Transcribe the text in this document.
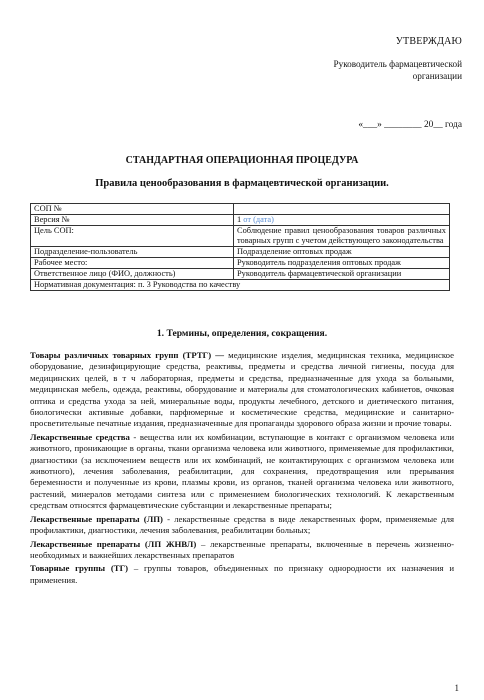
УТВЕРЖДАЮ
Руководитель фармацевтической организации
«___» ________ 20__ года
СТАНДАРТНАЯ ОПЕРАЦИОННАЯ ПРОЦЕДУРА
Правила ценообразования в фармацевтической организации.
СОП №	
Версия №	1 от (дата)
Цель СОП:	Соблюдение правил ценообразования товаров различных товарных групп с учетом действующего законодательства
Подразделение-пользователь	Подразделение оптовых продаж
Рабочее место:	Руководитель подразделения оптовых продаж
Ответственное лицо (ФИО, должность)	Руководитель фармацевтической организации
Нормативная документация: п. 3 Руководства по качеству	
1. Термины, определения, сокращения.

Товары различных товарных групп (ТРТГ) — медицинские изделия, медицинская техника, медицинское оборудование, дезинфицирующие средства, реактивы, предметы и средства личной гигиены, посуда для медицинских целей, в т ч лабораторная, предметы и средства, предназначенные для ухода за больными, медицинская мебель, одежда, реактивы, оборудование и материалы для стоматологических кабинетов, очковая оптика и средства ухода за ней, минеральные воды, продукты лечебного, детского и диетического питания, биологически активные добавки, парфюмерные и косметические средства, медицинские и санитарно-просветительные печатные издания, предназначенные для пропаганды здорового образа жизни и прочие товары.

Лекарственные средства - вещества или их комбинации, вступающие в контакт с организмом человека или животного, проникающие в органы, ткани организма человека или животного, применяемые для профилактики, диагностики (за исключением веществ или их комбинаций, не контактирующих с организмом человека или животного), лечения заболевания, реабилитации, для сохранения, предотвращения или прерывания беременности и полученные из крови, плазмы крови, из органов, тканей организма человека или животного, растений, минералов методами синтеза или с применением биологических технологий. К лекарственным средствам относятся фармацевтические субстанции и лекарственные препараты;

Лекарственные препараты (ЛП) - лекарственные средства в виде лекарственных форм, применяемые для профилактики, диагностики, лечения заболевания, реабилитации больных;

Лекарственные препараты (ЛП ЖНВЛ) – лекарственные препараты, включенные в перечень жизненно-необходимых и важнейших лекарственных препаратов

Товарные группы (ТГ) – группы товаров, объединенных по признаку однородности их назначения и применения.

1
